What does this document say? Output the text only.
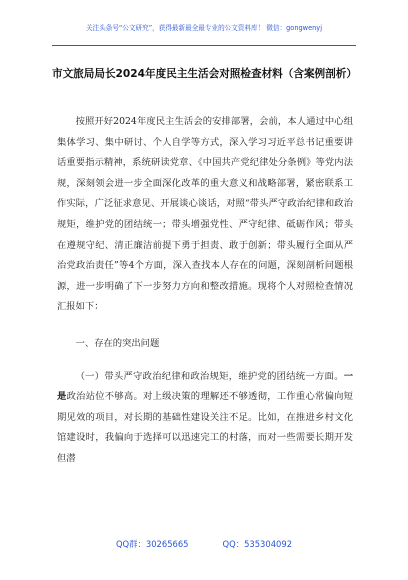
关注头条号“公文研究”，获得最新最全最专业的公文资料库！ 微信：gongwenyj
市文旅局局长2024年度民主生活会对照检查材料（含案例剖析）

按照开好2024年度民主生活会的安排部署，会前，本人通过中心组集体学习、集中研讨、个人自学等方式，深入学习习近平总书记重要讲话重要指示精神，系统研读党章、《中国共产党纪律处分条例》等党内法规，深刻领会进一步全面深化改革的重大意义和战略部署，紧密联系工作实际，广泛征求意见、开展谈心谈话，对照“带头严守政治纪律和政治规矩，维护党的团结统一；带头增强党性、严守纪律、砥砺作风；带头在遵规守纪、清正廉洁前提下勇于担责、敢于创新；带头履行全面从严治党政治责任”等4个方面，深入查找本人存在的问题，深刻剖析问题根源，进一步明确了下一步努力方向和整改措施。现将个人对照检查情况汇报如下：

一、存在的突出问题

（一）带头严守政治纪律和政治规矩，维护党的团结统一方面。一是政治站位不够高。对上级决策的理解还不够透彻，工作重心常偏向短期见效的项目，对长期的基础性建设关注不足。比如，在推进乡村文化馆建设时，我偏向于选择可以迅速完工的村落，而对一些需要长期开发但潜

QQ群：30265665	QQ：535304092
